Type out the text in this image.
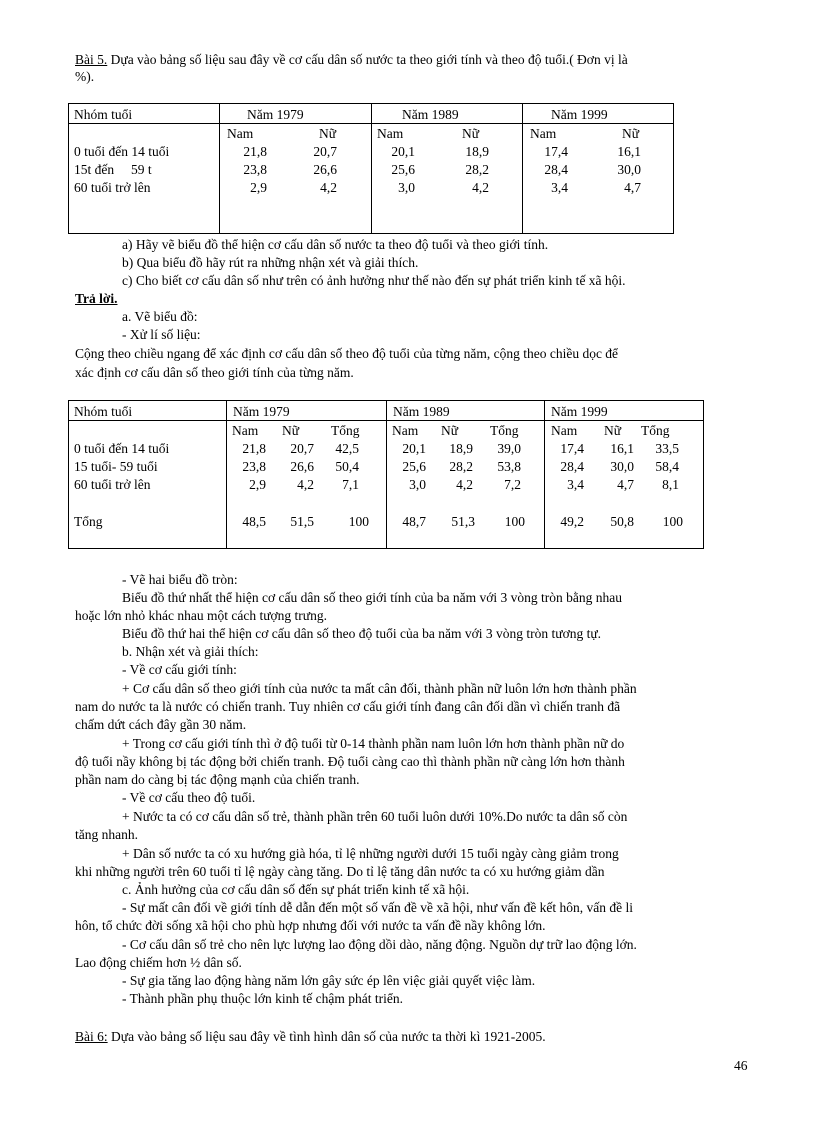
Bài 5. Dựa vào bảng số liệu sau đây về cơ cấu dân số nước ta theo giới tính và theo độ tuổi.( Đơn vị là
%).
Nhóm tuổi	Năm 1979	Năm 1989	Năm 1999
Nam	Nữ	Nam	Nữ	Nam	Nữ
0 tuổi đến 14 tuổi	21,8	20,7	20,1	18,9	17,4	16,1
15t đến     59 t	23,8	26,6	25,6	28,2	28,4	30,0
60 tuổi trở lên	2,9	4,2	3,0	4,2	3,4	4,7
a) Hãy vẽ biểu đồ thể hiện cơ cấu dân số nước ta theo độ tuổi và theo giới tính.
b) Qua biểu đồ hãy rút ra những nhận xét và giải thích.
c) Cho biết cơ cấu dân số như trên có ảnh hưởng như thế nào đến sự phát triển kinh tế xã hội.
Trả lời.
a. Vẽ biểu đồ:
- Xử lí số liệu:
Cộng theo chiều ngang để xác định cơ cấu dân số theo độ tuổi của từng năm, cộng theo chiều dọc để
xác định cơ cấu dân số theo giới tính của từng năm.
Nhóm tuổi	Năm 1979	Năm 1989	Năm 1999
Nam Nữ Tổng Nam Nữ Tổng Nam Nữ Tổng
0 tuổi đến 14 tuổi	21,8	20,7	42,5	20,1	18,9	39,0	17,4	16,1	33,5
15 tuổi- 59 tuổi	23,8	26,6	50,4	25,6	28,2	53,8	28,4	30,0	58,4
60 tuổi trở lên	2,9	4,2	7,1	3,0	4,2	7,2	3,4	4,7	8,1
Tổng	48,5	51,5	100	48,7	51,3	100	49,2	50,8	100
- Vẽ hai biểu đồ tròn:
Biểu đồ thứ nhất thể hiện cơ cấu dân số theo giới tính của ba năm với 3 vòng tròn bằng nhau
hoặc lớn nhỏ khác nhau một cách tượng trưng.
Biểu đồ thứ hai thể hiện cơ cấu dân số theo độ tuổi của ba năm với 3 vòng tròn tương tự.
b. Nhận xét và giải thích:
- Về cơ cấu giới tính:
+ Cơ cấu dân số theo giới tính của nước ta mất cân đối, thành phần nữ luôn lớn hơn thành phần
nam do nước ta là nước có chiến tranh. Tuy nhiên cơ cấu giới tính đang cân đối dần vì chiến tranh đã
chấm dứt cách đây gần 30 năm.
+ Trong cơ cấu giới tính thì ở độ tuổi từ 0-14 thành phần nam luôn lớn hơn thành phần nữ do
độ tuổi nầy không bị tác động bởi chiến tranh. Độ tuổi càng cao thì thành phần nữ càng lớn hơn thành
phần nam do càng bị tác động mạnh của chiến tranh.
- Về cơ cấu theo độ tuổi.
+ Nước ta có cơ cấu dân số trẻ, thành phần trên 60 tuổi luôn dưới 10%.Do nước ta dân số còn
tăng nhanh.
+ Dân số nước ta có xu hướng già hóa, tỉ lệ những người dưới 15 tuổi ngày càng giảm trong
khi những người trên 60 tuổi tỉ lệ ngày càng tăng. Do tỉ lệ tăng dân nước ta có xu hướng giảm dần
c. Ảnh hưởng của cơ cấu dân số đến sự phát triển kinh tế xã hội.
- Sự mất cân đối về giới tính dễ dẫn đến một số vấn đề về xã hội, như vấn đề kết hôn, vấn đề li
hôn, tổ chức đời sống xã hội cho phù hợp nhưng đối với nước ta vấn đề nầy không lớn.
- Cơ cấu dân số trẻ cho nên lực lượng lao động dồi dào, năng động. Nguồn dự trữ lao động lớn.
Lao động chiếm hơn ½ dân số.
- Sự gia tăng lao động hàng năm lớn gây sức ép lên việc giải quyết việc làm.
- Thành phần phụ thuộc lớn kinh tế chậm phát triển.
Bài 6: Dựa vào bảng số liệu sau đây về tình hình dân số của nước ta thời kì 1921-2005.
46
